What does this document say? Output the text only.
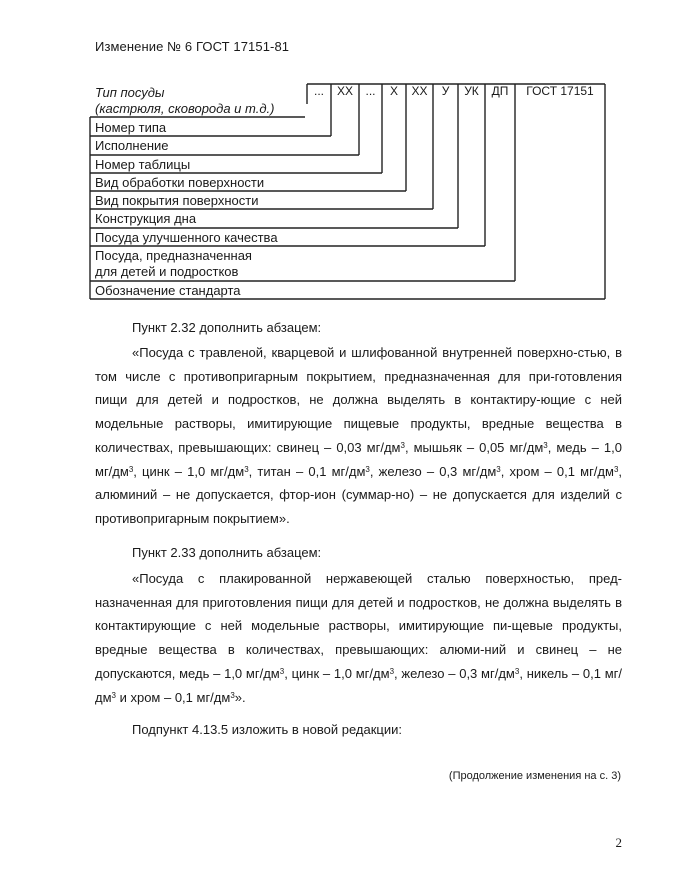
Изменение № 6 ГОСТ 17151-81
...	XX	...	X	XX	У	УК	ДП	ГОСТ 17151
Тип посуды
(кастрюля, сковорода и т.д.)
Номер типа
Исполнение
Номер таблицы
Вид обработки поверхности
Вид покрытия поверхности
Конструкция дна
Посуда улучшенного качества
Посуда, предназначенная
для детей и подростков
Обозначение стандарта
Пункт 2.32 дополнить абзацем:

«Посуда с травленой, кварцевой и шлифованной внутренней поверхно-стью, в том числе с противопригарным покрытием, предназначенная для при-готовления пищи для детей и подростков, не должна выделять в контактиру-ющие с ней модельные растворы, имитирующие пищевые продукты, вредные вещества в количествах, превышающих: свинец – 0,03 $мг/дм^3$, мышьяк – 0,05 $мг/дм^3$, медь – 1,0 $мг/дм^3$, цинк – 1,0 $мг/дм^3$, титан – 0,1 $мг/дм^3$, железо – 0,3 $мг/дм^3$, хром – 0,1 $мг/дм^3$, алюминий – не допускается, фтор-ион (суммар-но) – не допускается для изделий с противопригарным покрытием».

Пункт 2.33 дополнить абзацем:

«Посуда с плакированной нержавеющей сталью поверхностью, пред-назначенная для приготовления пищи для детей и подростков, не должна выделять в контактирующие с ней модельные растворы, имитирующие пи-щевые продукты, вредные вещества в количествах, превышающих: алюми-ний и свинец – не допускаются, медь – 1,0 $мг/дм^3$, цинк – 1,0 $мг/дм^3$, железо – 0,3 $мг/дм^3$, никель – 0,1 $мг/дм^3$ и хром – 0,1 $мг/дм^3$».

Подпункт 4.13.5 изложить в новой редакции:
(Продолжение изменения на с. 3)
2
